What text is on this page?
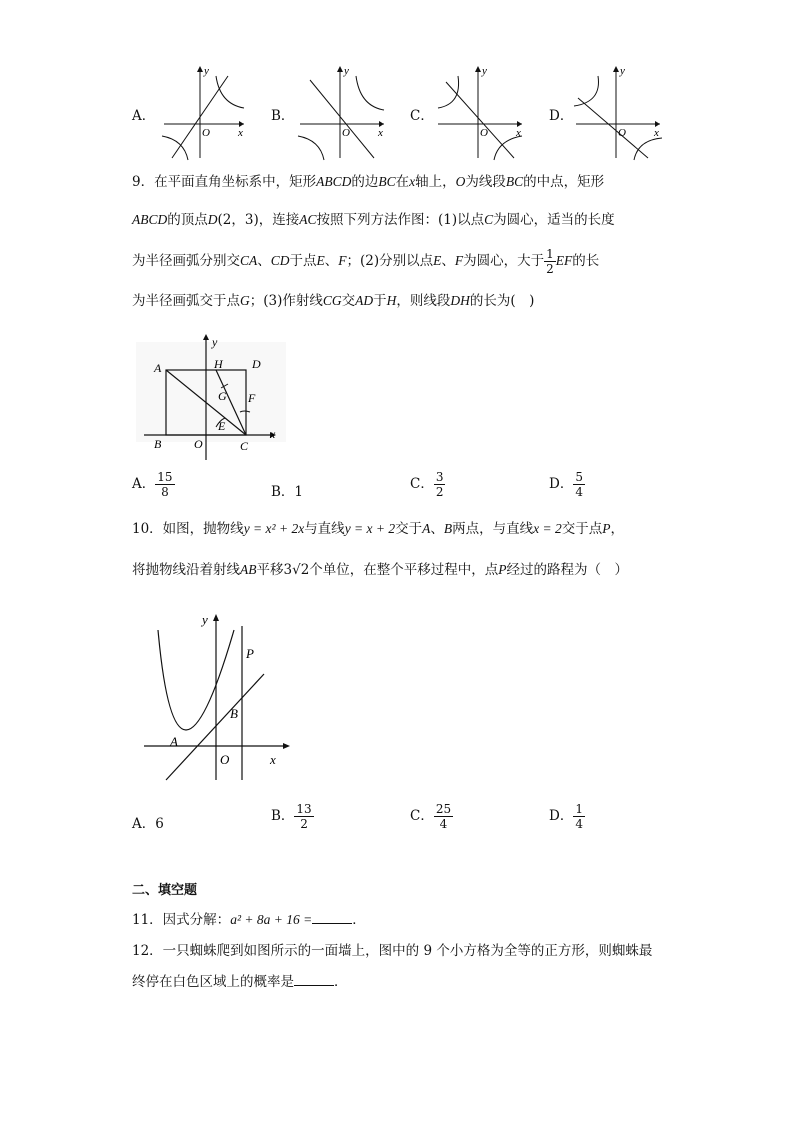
A．
y
x
O
B．
y
x
O
C．
y
x
O
D．
y
x
O
9．在平面直角坐标系中，矩形ABCD的边BC在x轴上，O为线段BC的中点，矩形
ABCD的顶点D(2，3)，连接AC按照下列方法作图：(1)以点C为圆心，适当的长度
为半径画弧分别交CA、CD于点E、F；(2)分别以点E、F为圆心，大于 $\frac{1}{2}$ EF的长
为半径画弧交于点G；(3)作射线CG交AD于H，则线段DH的长为(　)
A
B	C
D
E
F
G
H
O
x
y
A． $\frac{15}{8}$	B．1	C． $\frac{3}{2}$	D． $\frac{5}{4}$
10．如图，抛物线y = x² + 2x与直线y = x + 2交于A、B两点，与直线x = 2交于点P，
将抛物线沿着射线AB平移3√2个单位，在整个平移过程中，点P经过的路程为（　）
A
B
P
O	x
y
A．6	B． $\frac{13}{2}$	C． $\frac{25}{4}$	D． $\frac{1}{4}$
二、填空题
11．因式分解：a² + 8a + 16 =	．
12．一只蜘蛛爬到如图所示的一面墙上，图中的 9 个小方格为全等的正方形，则蜘蛛最
终停在白色区域上的概率是	．
